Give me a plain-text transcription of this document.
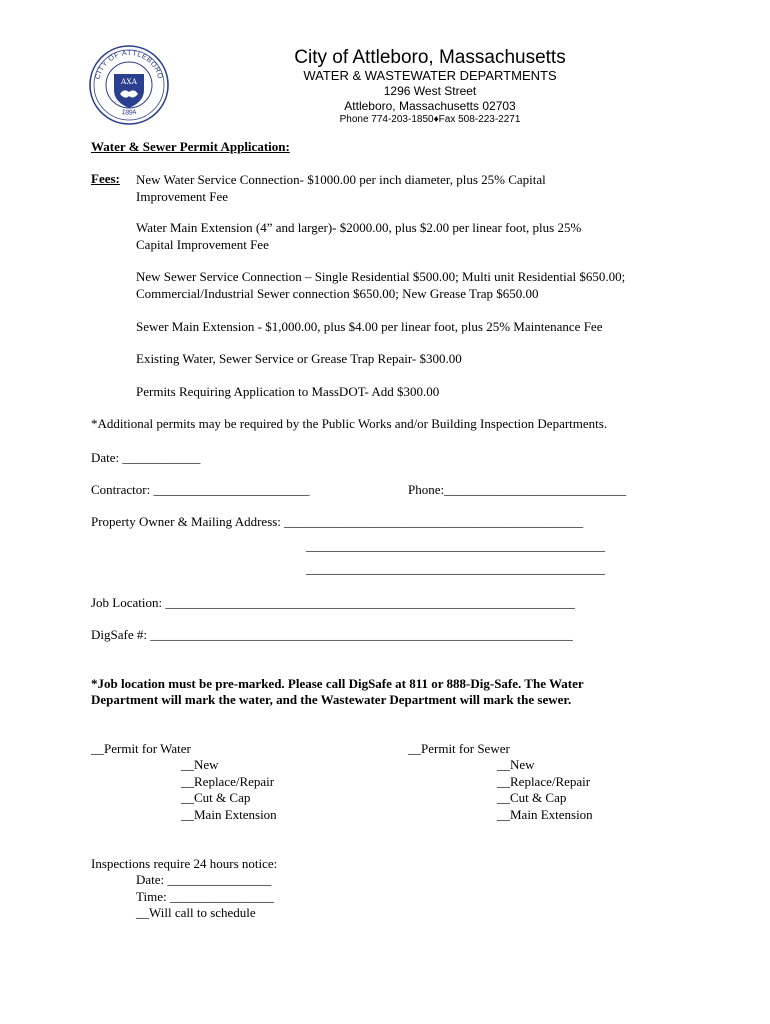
CITY OF ATTLEBORO
1894
ΑΧΑ
City of Attleboro, Massachusetts
WATER & WASTEWATER DEPARTMENTS
1296 West Street
Attleboro, Massachusetts 02703
Phone 774-203-1850♦Fax 508-223-2271
Water & Sewer Permit Application:
Fees: New Water Service Connection- $1000.00 per inch diameter, plus 25% Capital
Improvement Fee
Water Main Extension (4” and larger)- $2000.00, plus $2.00 per linear foot, plus 25%
Capital Improvement Fee
New Sewer Service Connection – Single Residential $500.00; Multi unit Residential $650.00;
Commercial/Industrial Sewer connection $650.00; New Grease Trap $650.00
Sewer Main Extension - $1,000.00, plus $4.00 per linear foot, plus 25% Maintenance Fee
Existing Water, Sewer Service or Grease Trap Repair- $300.00
Permits Requiring Application to MassDOT- Add $300.00
*Additional permits may be required by the Public Works and/or Building Inspection Departments.
Date: ____________
Contractor: ________________________	Phone:____________________________
Property Owner & Mailing Address: ______________________________________________
______________________________________________
______________________________________________
Job Location: _______________________________________________________________
DigSafe #: _________________________________________________________________
*Job location must be pre-marked. Please call DigSafe at 811 or 888-Dig-Safe. The Water
Department will mark the water, and the Wastewater Department will mark the sewer.
__Permit for Water
__New
__Replace/Repair
__Cut & Cap
__Main Extension
__Permit for Sewer
__New
__Replace/Repair
__Cut & Cap
__Main Extension
Inspections require 24 hours notice:
Date: ________________
Time: ________________
__Will call to schedule
